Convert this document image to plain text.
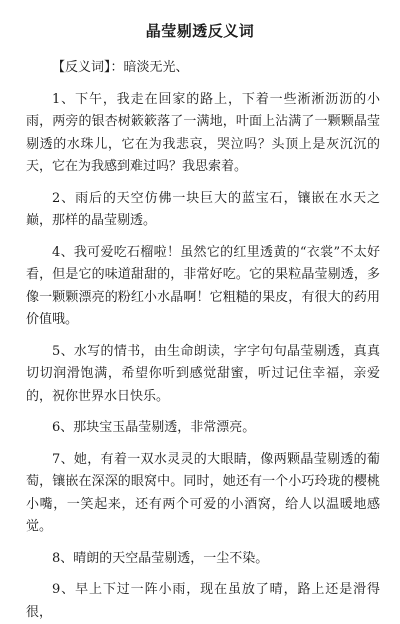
晶莹剔透反义词

【反义词】：暗淡无光、

1、下午，我走在回家的路上，下着一些淅淅沥沥的小雨，两旁的银杏树簌簌落了一满地，叶面上沾满了一颗颗晶莹剔透的水珠儿，它在为我悲哀，哭泣吗？头顶上是灰沉沉的天，它在为我感到难过吗？我思索着。

2、雨后的天空仿佛一块巨大的蓝宝石，镶嵌在水天之巅，那样的晶莹剔透。

4、我可爱吃石榴啦！虽然它的红里透黄的“衣裳”不太好看，但是它的味道甜甜的，非常好吃。它的果粒晶莹剔透，多像一颗颗漂亮的粉红小水晶啊！它粗糙的果皮，有很大的药用价值哦。

5、水写的情书，由生命朗读，字字句句晶莹剔透，真真切切润滑饱满，希望你听到感觉甜蜜，听过记住幸福，亲爱的，祝你世界水日快乐。

6、那块宝玉晶莹剔透，非常漂亮。

7、她，有着一双水灵灵的大眼睛，像两颗晶莹剔透的葡萄，镶嵌在深深的眼窝中。同时，她还有一个小巧玲珑的樱桃小嘴，一笑起来，还有两个可爱的小酒窝，给人以温暖地感觉。

8、晴朗的天空晶莹剔透，一尘不染。

9、早上下过一阵小雨，现在虽放了晴，路上还是滑得很，
